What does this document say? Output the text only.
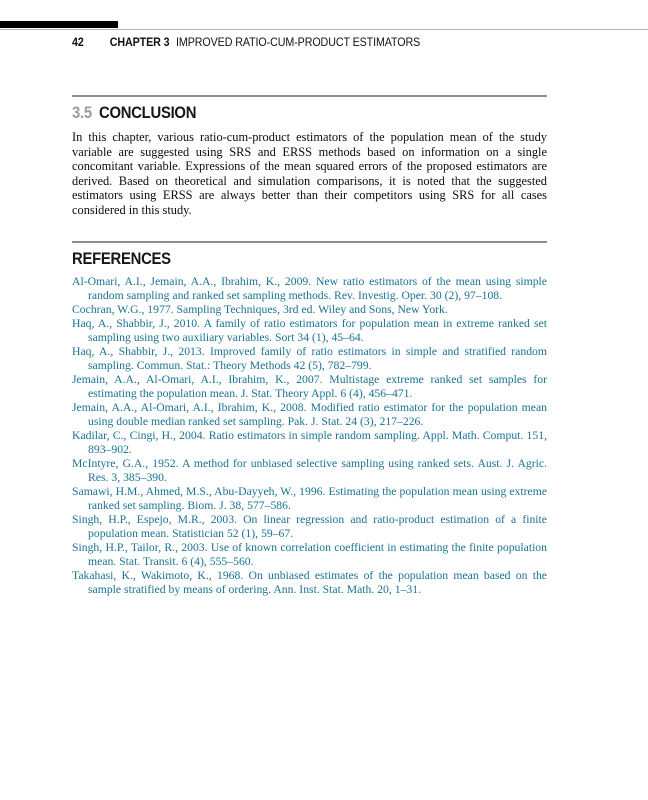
42 CHAPTER 3 IMPROVED RATIO-CUM-PRODUCT ESTIMATORS
3.5 CONCLUSION

In this chapter, various ratio-cum-product estimators of the population mean of the study variable are suggested using SRS and ERSS methods based on information on a single concomitant variable. Expressions of the mean squared errors of the proposed estimators are derived. Based on theoretical and simulation comparisons, it is noted that the suggested estimators using ERSS are always better than their competitors using SRS for all cases considered in this study.

REFERENCES

Al-Omari, A.I., Jemain, A.A., Ibrahim, K., 2009. New ratio estimators of the mean using simple random sampling and ranked set sampling methods. Rev. Investig. Oper. 30 (2), 97–108.

Cochran, W.G., 1977. Sampling Techniques, 3rd ed. Wiley and Sons, New York.

Haq, A., Shabbir, J., 2010. A family of ratio estimators for population mean in extreme ranked set sampling using two auxiliary variables. Sort 34 (1), 45–64.

Haq, A., Shabbir, J., 2013. Improved family of ratio estimators in simple and stratified random sampling. Commun. Stat.: Theory Methods 42 (5), 782–799.

Jemain, A.A., Al-Omari, A.I., Ibrahim, K., 2007. Multistage extreme ranked set samples for estimating the population mean. J. Stat. Theory Appl. 6 (4), 456–471.

Jemain, A.A., Al-Omari, A.I., Ibrahim, K., 2008. Modified ratio estimator for the population mean using double median ranked set sampling. Pak. J. Stat. 24 (3), 217–226.

Kadilar, C., Cingi, H., 2004. Ratio estimators in simple random sampling. Appl. Math. Comput. 151, 893–902.

McIntyre, G.A., 1952. A method for unbiased selective sampling using ranked sets. Aust. J. Agric. Res. 3, 385–390.

Samawi, H.M., Ahmed, M.S., Abu-Dayyeh, W., 1996. Estimating the population mean using extreme ranked set sampling. Biom. J. 38, 577–586.

Singh, H.P., Espejo, M.R., 2003. On linear regression and ratio-product estimation of a finite population mean. Statistician 52 (1), 59–67.

Singh, H.P., Tailor, R., 2003. Use of known correlation coefficient in estimating the finite population mean. Stat. Transit. 6 (4), 555–560.

Takahasi, K., Wakimoto, K., 1968. On unbiased estimates of the population mean based on the sample stratified by means of ordering. Ann. Inst. Stat. Math. 20, 1–31.
